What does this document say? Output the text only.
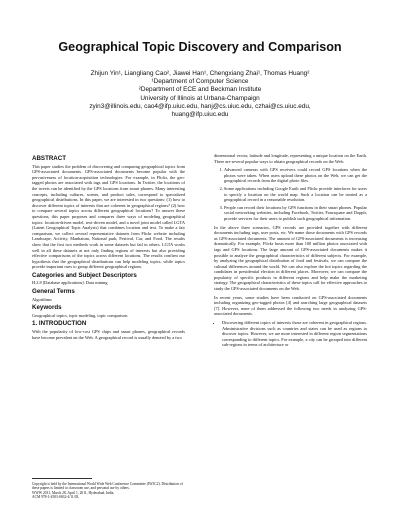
Geographical Topic Discovery and Comparison
Zhijun Yin¹, Liangliang Cao², Jiawei Han¹, Chengxiang Zhai¹, Thomas Huang²
¹Department of Computer Science
²Department of ECE and Beckman Institute
University of Illinois at Urbana-Champaign
zyin3@illinois.edu, cao4@ifp.uiuc.edu, hanj@cs.uiuc.edu, czhai@cs.uiuc.edu,
huang@ifp.uiuc.edu
ABSTRACT

This paper studies the problem of discovering and comparing geographical topics from GPS-associated documents. GPS-associated documents become popular with the pervasiveness of location-acquisition technologies. For example, in Flickr, the geo-tagged photos are associated with tags and GPS locations. In Twitter, the locations of the tweets can be identified by the GPS locations from smart phones. Many interesting concepts, including cultures, scenes, and product sales, correspond to specialized geographical distributions. In this paper, we are interested in two questions: (1) how to discover different topics of interests that are coherent in geographical regions? (2) how to compare several topics across different geographical locations? To answer these questions, this paper proposes and compares three ways of modeling geographical topics: location-driven model, text-driven model, and a novel joint model called LGTA (Latent Geographical Topic Analysis) that combines location and text. To make a fair comparison, we collect several representative datasets from Flickr website including Landscape, Activity, Manhattan, National park, Festival, Car, and Food. The results show that the first two methods work in some datasets but fail in others. LGTA works well in all these datasets at not only finding regions of interests but also providing effective comparisons of the topics across different locations. The results confirm our hypothesis that the geographical distributions can help modeling topics, while topics provide important cues to group different geographical regions.

Categories and Subject Descriptors

H.2.8 [Database applications]: Data mining

General Terms

Algorithms

Keywords

Geographical topics, topic modeling, topic comparison

1. INTRODUCTION

With the popularity of low-cost GPS chips and smart phones, geographical records have become prevalent on the Web. A geographical record is usually denoted by a two

Copyright is held by the International World Wide Web Conference Committee (IW3C2). Distribution of these papers is limited to classroom use, and personal use by others.
WWW 2011, March 28–April 1, 2011, Hyderabad, India.
ACM 978-1-4503-0632-4/11/03.

dimensional vector, latitude and longitude, representing a unique location on the Earth. There are several popular ways to obtain geographical records on the Web:

1. Advanced cameras with GPS receivers could record GPS locations when the photos were taken. When users upload these photos on the Web, we can get the geographical records from the digital photo files.
2. Some applications including Google Earth and Flickr provide interfaces for users to specify a location on the world map. Such a location can be treated as a geographical record in a reasonable resolution.
3. People can record their locations by GPS functions in their smart phones. Popular social networking websites, including Facebook, Twitter, Foursquare and Dopplr, provide services for their users to publish such geographical information.

In the above three scenarios, GPS records are provided together with different documents including tags, user posts, etc. We name those documents with GPS records as GPS-associated documents. The amount of GPS-associated documents is increasing dramatically. For example, Flickr hosts more than 100 million photos associated with tags and GPS locations. The large amount of GPS-associated documents makes it possible to analyze the geographical characteristics of different subjects. For example, by analyzing the geographical distribution of food and festivals, we can compare the cultural differences around the world. We can also explore the hot topics regarding the candidates in presidential election in different places. Moreover, we can compare the popularity of specific products in different regions and help make the marketing strategy. The geographical characteristics of these topics call for effective approaches to study the GPS-associated documents on the Web.

In recent years, some studies have been conducted on GPS-associated documents including organizing geo-tagged photos [4] and searching large geographical datasets [7]. However, none of them addressed the following two needs in analyzing GPS-associated documents.

• Discovering different topics of interests those are coherent in geographical regions. Administrative divisions such as countries and states can be used as regions to discover topics. However, we are more interested in different region segmentations corresponding to different topics. For example, a city can be grouped into different sub-regions in terms of architecture or
